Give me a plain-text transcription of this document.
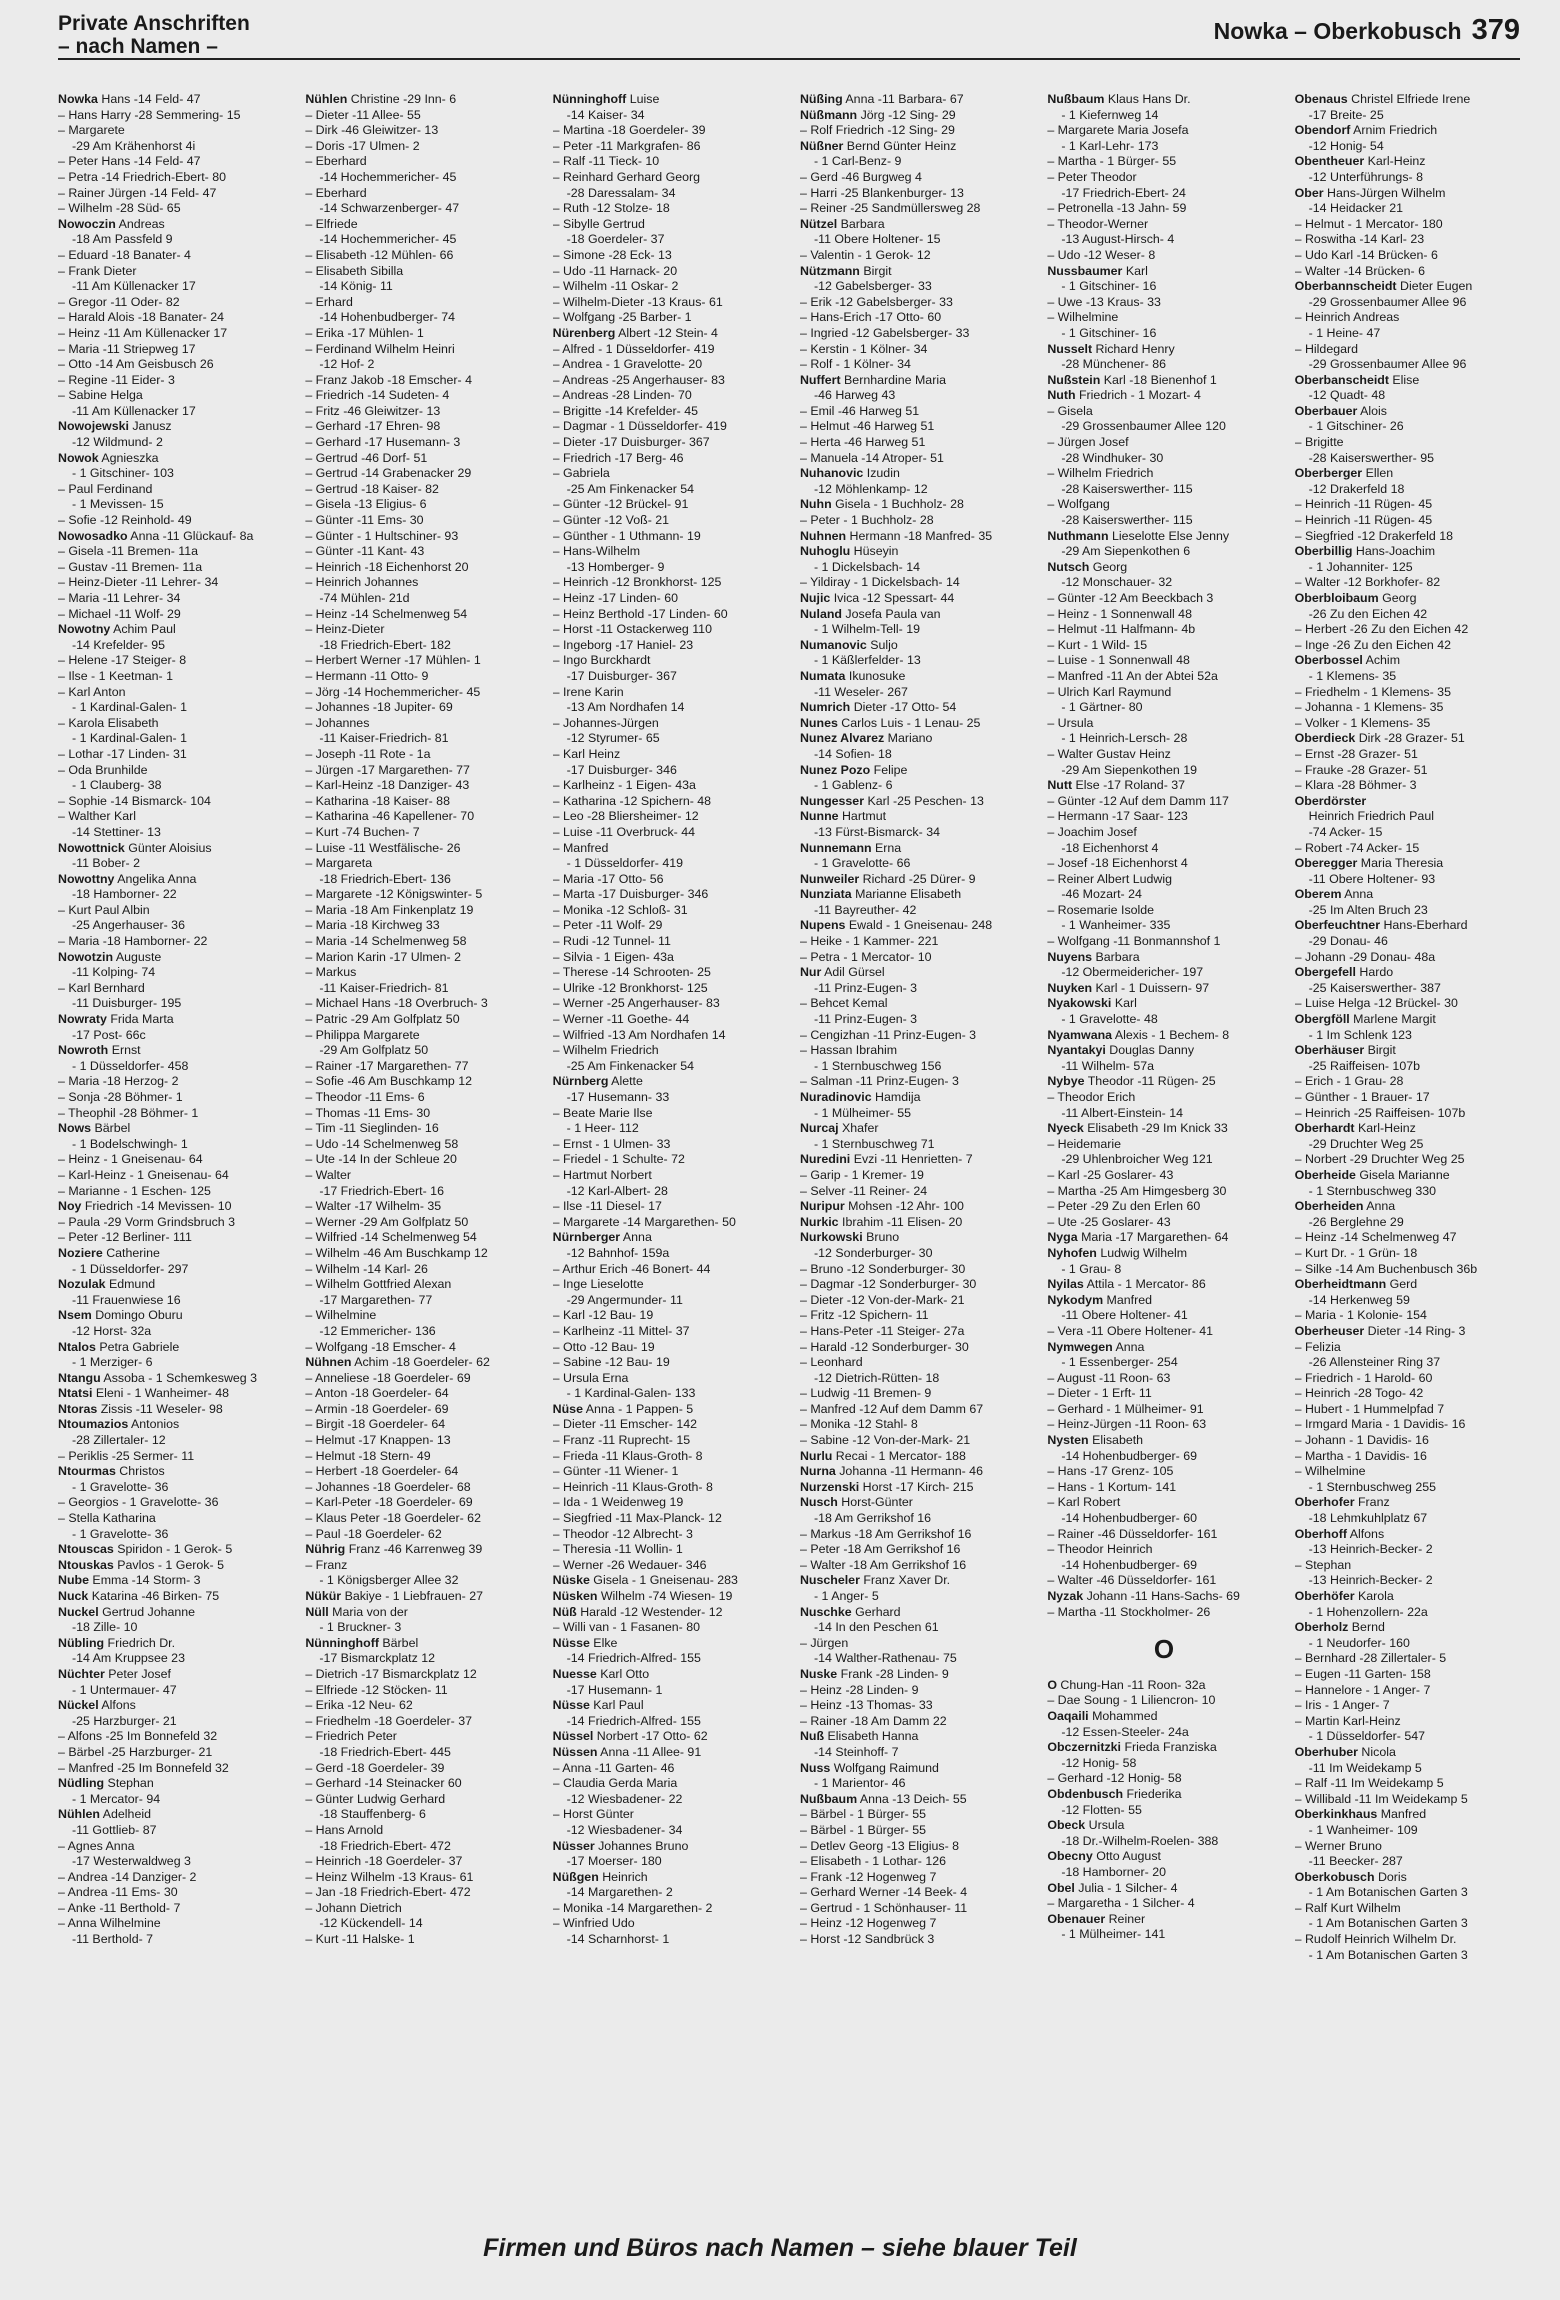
Private Anschriften
– nach Namen –
Nowka – Oberkobusch 379
Nowka Hans -14 Feld- 47
– Hans Harry -28 Semmering- 15
– Margarete
-29 Am Krähenhorst 4i
– Peter Hans -14 Feld- 47
– Petra -14 Friedrich-Ebert- 80
– Rainer Jürgen -14 Feld- 47
– Wilhelm -28 Süd- 65
Nowoczin Andreas
-18 Am Passfeld 9
– Eduard -18 Banater- 4
– Frank Dieter
-11 Am Küllenacker 17
– Gregor -11 Oder- 82
– Harald Alois -18 Banater- 24
– Heinz -11 Am Küllenacker 17
– Maria -11 Striepweg 17
– Otto -14 Am Geisbusch 26
– Regine -11 Eider- 3
– Sabine Helga
-11 Am Küllenacker 17
Nowojewski Janusz
-12 Wildmund- 2
Nowok Agnieszka
- 1 Gitschiner- 103
– Paul Ferdinand
- 1 Mevissen- 15
– Sofie -12 Reinhold- 49
Nowosadko Anna -11 Glückauf- 8a
– Gisela -11 Bremen- 11a
– Gustav -11 Bremen- 11a
– Heinz-Dieter -11 Lehrer- 34
– Maria -11 Lehrer- 34
– Michael -11 Wolf- 29
Nowotny Achim Paul
-14 Krefelder- 95
– Helene -17 Steiger- 8
– Ilse - 1 Keetman- 1
– Karl Anton
- 1 Kardinal-Galen- 1
– Karola Elisabeth
- 1 Kardinal-Galen- 1
– Lothar -17 Linden- 31
– Oda Brunhilde
- 1 Clauberg- 38
– Sophie -14 Bismarck- 104
– Walther Karl
-14 Stettiner- 13
Nowottnick Günter Aloisius
-11 Bober- 2
Nowottny Angelika Anna
-18 Hamborner- 22
– Kurt Paul Albin
-25 Angerhauser- 36
– Maria -18 Hamborner- 22
Nowotzin Auguste
-11 Kolping- 74
– Karl Bernhard
-11 Duisburger- 195
Nowraty Frida Marta
-17 Post- 66c
Nowroth Ernst
- 1 Düsseldorfer- 458
– Maria -18 Herzog- 2
– Sonja -28 Böhmer- 1
– Theophil -28 Böhmer- 1
Nows Bärbel
- 1 Bodelschwingh- 1
– Heinz - 1 Gneisenau- 64
– Karl-Heinz - 1 Gneisenau- 64
– Marianne - 1 Eschen- 125
Noy Friedrich -14 Mevissen- 10
– Paula -29 Vorm Grindsbruch 3
– Peter -12 Berliner- 111
Noziere Catherine
- 1 Düsseldorfer- 297
Nozulak Edmund
-11 Frauenwiese 16
Nsem Domingo Oburu
-12 Horst- 32a
Ntalos Petra Gabriele
- 1 Merziger- 6
Ntangu Assoba - 1 Schemkesweg 3
Ntatsi Eleni - 1 Wanheimer- 48
Ntoras Zissis -11 Weseler- 98
Ntoumazios Antonios
-28 Zillertaler- 12
– Periklis -25 Sermer- 11
Ntourmas Christos
- 1 Gravelotte- 36
– Georgios - 1 Gravelotte- 36
– Stella Katharina
- 1 Gravelotte- 36
Ntouscas Spiridon - 1 Gerok- 5
Ntouskas Pavlos - 1 Gerok- 5
Nube Emma -14 Storm- 3
Nuck Katarina -46 Birken- 75
Nuckel Gertrud Johanne
-18 Zille- 10
Nübling Friedrich Dr.
-14 Am Kruppsee 23
Nüchter Peter Josef
- 1 Untermauer- 47
Nückel Alfons
-25 Harzburger- 21
– Alfons -25 Im Bonnefeld 32
– Bärbel -25 Harzburger- 21
– Manfred -25 Im Bonnefeld 32
Nüdling Stephan
- 1 Mercator- 94
Nühlen Adelheid
-11 Gottlieb- 87
– Agnes Anna
-17 Westerwaldweg 3
– Andrea -14 Danziger- 2
– Andrea -11 Ems- 30
– Anke -11 Berthold- 7
– Anna Wilhelmine
-11 Berthold- 7
Nühlen Christine -29 Inn- 6
– Dieter -11 Allee- 55
– Dirk -46 Gleiwitzer- 13
– Doris -17 Ulmen- 2
– Eberhard
-14 Hochemmericher- 45
– Eberhard
-14 Schwarzenberger- 47
– Elfriede
-14 Hochemmericher- 45
– Elisabeth -12 Mühlen- 66
– Elisabeth Sibilla
-14 König- 11
– Erhard
-14 Hohenbudberger- 74
– Erika -17 Mühlen- 1
– Ferdinand Wilhelm Heinri
-12 Hof- 2
– Franz Jakob -18 Emscher- 4
– Friedrich -14 Sudeten- 4
– Fritz -46 Gleiwitzer- 13
– Gerhard -17 Ehren- 98
– Gerhard -17 Husemann- 3
– Gertrud -46 Dorf- 51
– Gertrud -14 Grabenacker 29
– Gertrud -18 Kaiser- 82
– Gisela -13 Eligius- 6
– Günter -11 Ems- 30
– Günter - 1 Hultschiner- 93
– Günter -11 Kant- 43
– Heinrich -18 Eichenhorst 20
– Heinrich Johannes
-74 Mühlen- 21d
– Heinz -14 Schelmenweg 54
– Heinz-Dieter
-18 Friedrich-Ebert- 182
– Herbert Werner -17 Mühlen- 1
– Hermann -11 Otto- 9
– Jörg -14 Hochemmericher- 45
– Johannes -18 Jupiter- 69
– Johannes
-11 Kaiser-Friedrich- 81
– Joseph -11 Rote - 1a
– Jürgen -17 Margarethen- 77
– Karl-Heinz -18 Danziger- 43
– Katharina -18 Kaiser- 88
– Katharina -46 Kapellener- 70
– Kurt -74 Buchen- 7
– Luise -11 Westfälische- 26
– Margareta
-18 Friedrich-Ebert- 136
– Margarete -12 Königswinter- 5
– Maria -18 Am Finkenplatz 19
– Maria -18 Kirchweg 33
– Maria -14 Schelmenweg 58
– Marion Karin -17 Ulmen- 2
– Markus
-11 Kaiser-Friedrich- 81
– Michael Hans -18 Overbruch- 3
– Patric -29 Am Golfplatz 50
– Philippa Margarete
-29 Am Golfplatz 50
– Rainer -17 Margarethen- 77
– Sofie -46 Am Buschkamp 12
– Theodor -11 Ems- 6
– Thomas -11 Ems- 30
– Tim -11 Sieglinden- 16
– Udo -14 Schelmenweg 58
– Ute -14 In der Schleue 20
– Walter
-17 Friedrich-Ebert- 16
– Walter -17 Wilhelm- 35
– Werner -29 Am Golfplatz 50
– Wilfried -14 Schelmenweg 54
– Wilhelm -46 Am Buschkamp 12
– Wilhelm -14 Karl- 26
– Wilhelm Gottfried Alexan
-17 Margarethen- 77
– Wilhelmine
-12 Emmericher- 136
– Wolfgang -18 Emscher- 4
Nühnen Achim -18 Goerdeler- 62
– Anneliese -18 Goerdeler- 69
– Anton -18 Goerdeler- 64
– Armin -18 Goerdeler- 69
– Birgit -18 Goerdeler- 64
– Helmut -17 Knappen- 13
– Helmut -18 Stern- 49
– Herbert -18 Goerdeler- 64
– Johannes -18 Goerdeler- 68
– Karl-Peter -18 Goerdeler- 69
– Klaus Peter -18 Goerdeler- 62
– Paul -18 Goerdeler- 62
Nührig Franz -46 Karrenweg 39
– Franz
- 1 Königsberger Allee 32
Nükür Bakiye - 1 Liebfrauen- 27
Nüll Maria von der
- 1 Bruckner- 3
Nünninghoff Bärbel
-17 Bismarckplatz 12
– Dietrich -17 Bismarckplatz 12
– Elfriede -12 Stöcken- 11
– Erika -12 Neu- 62
– Friedhelm -18 Goerdeler- 37
– Friedrich Peter
-18 Friedrich-Ebert- 445
– Gerd -18 Goerdeler- 39
– Gerhard -14 Steinacker 60
– Günter Ludwig Gerhard
-18 Stauffenberg- 6
– Hans Arnold
-18 Friedrich-Ebert- 472
– Heinrich -18 Goerdeler- 37
– Heinz Wilhelm -13 Kraus- 61
– Jan -18 Friedrich-Ebert- 472
– Johann Dietrich
-12 Kückendell- 14
– Kurt -11 Halske- 1
Nünninghoff Luise
-14 Kaiser- 34
– Martina -18 Goerdeler- 39
– Peter -11 Markgrafen- 86
– Ralf -11 Tieck- 10
– Reinhard Gerhard Georg
-28 Daressalam- 34
– Ruth -12 Stolze- 18
– Sibylle Gertrud
-18 Goerdeler- 37
– Simone -28 Eck- 13
– Udo -11 Harnack- 20
– Wilhelm -11 Oskar- 2
– Wilhelm-Dieter -13 Kraus- 61
– Wolfgang -25 Barber- 1
Nürenberg Albert -12 Stein- 4
– Alfred - 1 Düsseldorfer- 419
– Andrea - 1 Gravelotte- 20
– Andreas -25 Angerhauser- 83
– Andreas -28 Linden- 70
– Brigitte -14 Krefelder- 45
– Dagmar - 1 Düsseldorfer- 419
– Dieter -17 Duisburger- 367
– Friedrich -17 Berg- 46
– Gabriela
-25 Am Finkenacker 54
– Günter -12 Brückel- 91
– Günter -12 Voß- 21
– Günther - 1 Uthmann- 19
– Hans-Wilhelm
-13 Homberger- 9
– Heinrich -12 Bronkhorst- 125
– Heinz -17 Linden- 60
– Heinz Berthold -17 Linden- 60
– Horst -11 Ostackerweg 110
– Ingeborg -17 Haniel- 23
– Ingo Burckhardt
-17 Duisburger- 367
– Irene Karin
-13 Am Nordhafen 14
– Johannes-Jürgen
-12 Styrumer- 65
– Karl Heinz
-17 Duisburger- 346
– Karlheinz - 1 Eigen- 43a
– Katharina -12 Spichern- 48
– Leo -28 Bliersheimer- 12
– Luise -11 Overbruck- 44
– Manfred
- 1 Düsseldorfer- 419
– Maria -17 Otto- 56
– Marta -17 Duisburger- 346
– Monika -12 Schloß- 31
– Peter -11 Wolf- 29
– Rudi -12 Tunnel- 11
– Silvia - 1 Eigen- 43a
– Therese -14 Schrooten- 25
– Ulrike -12 Bronkhorst- 125
– Werner -25 Angerhauser- 83
– Werner -11 Goethe- 44
– Wilfried -13 Am Nordhafen 14
– Wilhelm Friedrich
-25 Am Finkenacker 54
Nürnberg Alette
-17 Husemann- 33
– Beate Marie Ilse
- 1 Heer- 112
– Ernst - 1 Ulmen- 33
– Friedel - 1 Schulte- 72
– Hartmut Norbert
-12 Karl-Albert- 28
– Ilse -11 Diesel- 17
– Margarete -14 Margarethen- 50
Nürnberger Anna
-12 Bahnhof- 159a
– Arthur Erich -46 Bonert- 44
– Inge Lieselotte
-29 Angermunder- 11
– Karl -12 Bau- 19
– Karlheinz -11 Mittel- 37
– Otto -12 Bau- 19
– Sabine -12 Bau- 19
– Ursula Erna
- 1 Kardinal-Galen- 133
Nüse Anna - 1 Pappen- 5
– Dieter -11 Emscher- 142
– Franz -11 Ruprecht- 15
– Frieda -11 Klaus-Groth- 8
– Günter -11 Wiener- 1
– Heinrich -11 Klaus-Groth- 8
– Ida - 1 Weidenweg 19
– Siegfried -11 Max-Planck- 12
– Theodor -12 Albrecht- 3
– Theresia -11 Wollin- 1
– Werner -26 Wedauer- 346
Nüske Gisela - 1 Gneisenau- 283
Nüsken Wilhelm -74 Wiesen- 19
Nüß Harald -12 Westender- 12
– Willi van - 1 Fasanen- 80
Nüsse Elke
-14 Friedrich-Alfred- 155
Nuesse Karl Otto
-17 Husemann- 1
Nüsse Karl Paul
-14 Friedrich-Alfred- 155
Nüssel Norbert -17 Otto- 62
Nüssen Anna -11 Allee- 91
– Anna -11 Garten- 46
– Claudia Gerda Maria
-12 Wiesbadener- 22
– Horst Günter
-12 Wiesbadener- 34
Nüsser Johannes Bruno
-17 Moerser- 180
Nüßgen Heinrich
-14 Margarethen- 2
– Monika -14 Margarethen- 2
– Winfried Udo
-14 Scharnhorst- 1
Nüßing Anna -11 Barbara- 67
Nüßmann Jörg -12 Sing- 29
– Rolf Friedrich -12 Sing- 29
Nüßner Bernd Günter Heinz
- 1 Carl-Benz- 9
– Gerd -46 Burgweg 4
– Harri -25 Blankenburger- 13
– Reiner -25 Sandmüllersweg 28
Nützel Barbara
-11 Obere Holtener- 15
– Valentin - 1 Gerok- 12
Nützmann Birgit
-12 Gabelsberger- 33
– Erik -12 Gabelsberger- 33
– Hans-Erich -17 Otto- 60
– Ingried -12 Gabelsberger- 33
– Kerstin - 1 Kölner- 34
– Rolf - 1 Kölner- 34
Nuffert Bernhardine Maria
-46 Harweg 43
– Emil -46 Harweg 51
– Helmut -46 Harweg 51
– Herta -46 Harweg 51
– Manuela -14 Atroper- 51
Nuhanovic Izudin
-12 Möhlenkamp- 12
Nuhn Gisela - 1 Buchholz- 28
– Peter - 1 Buchholz- 28
Nuhnen Hermann -18 Manfred- 35
Nuhoglu Hüseyin
- 1 Dickelsbach- 14
– Yildiray - 1 Dickelsbach- 14
Nujic Ivica -12 Spessart- 44
Nuland Josefa Paula van
- 1 Wilhelm-Tell- 19
Numanovic Suljo
- 1 Käßlerfelder- 13
Numata Ikunosuke
-11 Weseler- 267
Numrich Dieter -17 Otto- 54
Nunes Carlos Luis - 1 Lenau- 25
Nunez Alvarez Mariano
-14 Sofien- 18
Nunez Pozo Felipe
- 1 Gablenz- 6
Nungesser Karl -25 Peschen- 13
Nunne Hartmut
-13 Fürst-Bismarck- 34
Nunnemann Erna
- 1 Gravelotte- 66
Nunweiler Richard -25 Dürer- 9
Nunziata Marianne Elisabeth
-11 Bayreuther- 42
Nupens Ewald - 1 Gneisenau- 248
– Heike - 1 Kammer- 221
– Petra - 1 Mercator- 10
Nur Adil Gürsel
-11 Prinz-Eugen- 3
– Behcet Kemal
-11 Prinz-Eugen- 3
– Cengizhan -11 Prinz-Eugen- 3
– Hassan Ibrahim
- 1 Sternbuschweg 156
– Salman -11 Prinz-Eugen- 3
Nuradinovic Hamdija
- 1 Mülheimer- 55
Nurcaj Xhafer
- 1 Sternbuschweg 71
Nuredini Evzi -11 Henrietten- 7
– Garip - 1 Kremer- 19
– Selver -11 Reiner- 24
Nuripur Mohsen -12 Ahr- 100
Nurkic Ibrahim -11 Elisen- 20
Nurkowski Bruno
-12 Sonderburger- 30
– Bruno -12 Sonderburger- 30
– Dagmar -12 Sonderburger- 30
– Dieter -12 Von-der-Mark- 21
– Fritz -12 Spichern- 11
– Hans-Peter -11 Steiger- 27a
– Harald -12 Sonderburger- 30
– Leonhard
-12 Dietrich-Rütten- 18
– Ludwig -11 Bremen- 9
– Manfred -12 Auf dem Damm 67
– Monika -12 Stahl- 8
– Sabine -12 Von-der-Mark- 21
Nurlu Recai - 1 Mercator- 188
Nurna Johanna -11 Hermann- 46
Nurzenski Horst -17 Kirch- 215
Nusch Horst-Günter
-18 Am Gerrikshof 16
– Markus -18 Am Gerrikshof 16
– Peter -18 Am Gerrikshof 16
– Walter -18 Am Gerrikshof 16
Nuscheler Franz Xaver Dr.
- 1 Anger- 5
Nuschke Gerhard
-14 In den Peschen 61
– Jürgen
-14 Walther-Rathenau- 75
Nuske Frank -28 Linden- 9
– Heinz -28 Linden- 9
– Heinz -13 Thomas- 33
– Rainer -18 Am Damm 22
Nuß Elisabeth Hanna
-14 Steinhoff- 7
Nuss Wolfgang Raimund
- 1 Marientor- 46
Nußbaum Anna -13 Deich- 55
– Bärbel - 1 Bürger- 55
– Bärbel - 1 Bürger- 55
– Detlev Georg -13 Eligius- 8
– Elisabeth - 1 Lothar- 126
– Frank -12 Hogenweg 7
– Gerhard Werner -14 Beek- 4
– Gertrud - 1 Schönhauser- 11
– Heinz -12 Hogenweg 7
– Horst -12 Sandbrück 3
Nußbaum Klaus Hans Dr.
- 1 Kiefernweg 14
– Margarete Maria Josefa
- 1 Karl-Lehr- 173
– Martha - 1 Bürger- 55
– Peter Theodor
-17 Friedrich-Ebert- 24
– Petronella -13 Jahn- 59
– Theodor-Werner
-13 August-Hirsch- 4
– Udo -12 Weser- 8
Nussbaumer Karl
- 1 Gitschiner- 16
– Uwe -13 Kraus- 33
– Wilhelmine
- 1 Gitschiner- 16
Nusselt Richard Henry
-28 Münchener- 86
Nußstein Karl -18 Bienenhof 1
Nuth Friedrich - 1 Mozart- 4
– Gisela
-29 Grossenbaumer Allee 120
– Jürgen Josef
-28 Windhuker- 30
– Wilhelm Friedrich
-28 Kaiserswerther- 115
– Wolfgang
-28 Kaiserswerther- 115
Nuthmann Lieselotte Else Jenny
-29 Am Siepenkothen 6
Nutsch Georg
-12 Monschauer- 32
– Günter -12 Am Beeckbach 3
– Heinz - 1 Sonnenwall 48
– Helmut -11 Halfmann- 4b
– Kurt - 1 Wild- 15
– Luise - 1 Sonnenwall 48
– Manfred -11 An der Abtei 52a
– Ulrich Karl Raymund
- 1 Gärtner- 80
– Ursula
- 1 Heinrich-Lersch- 28
– Walter Gustav Heinz
-29 Am Siepenkothen 19
Nutt Else -17 Roland- 37
– Günter -12 Auf dem Damm 117
– Hermann -17 Saar- 123
– Joachim Josef
-18 Eichenhorst 4
– Josef -18 Eichenhorst 4
– Reiner Albert Ludwig
-46 Mozart- 24
– Rosemarie Isolde
- 1 Wanheimer- 335
– Wolfgang -11 Bonmannshof 1
Nuyens Barbara
-12 Obermeidericher- 197
Nuyken Karl - 1 Duissern- 97
Nyakowski Karl
- 1 Gravelotte- 48
Nyamwana Alexis - 1 Bechem- 8
Nyantakyi Douglas Danny
-11 Wilhelm- 57a
Nybye Theodor -11 Rügen- 25
– Theodor Erich
-11 Albert-Einstein- 14
Nyeck Elisabeth -29 Im Knick 33
– Heidemarie
-29 Uhlenbroicher Weg 121
– Karl -25 Goslarer- 43
– Martha -25 Am Himgesberg 30
– Peter -29 Zu den Erlen 60
– Ute -25 Goslarer- 43
Nyga Maria -17 Margarethen- 64
Nyhofen Ludwig Wilhelm
- 1 Grau- 8
Nyilas Attila - 1 Mercator- 86
Nykodym Manfred
-11 Obere Holtener- 41
– Vera -11 Obere Holtener- 41
Nymwegen Anna
- 1 Essenberger- 254
– August -11 Roon- 63
– Dieter - 1 Erft- 11
– Gerhard - 1 Mülheimer- 91
– Heinz-Jürgen -11 Roon- 63
Nysten Elisabeth
-14 Hohenbudberger- 69
– Hans -17 Grenz- 105
– Hans - 1 Kortum- 141
– Karl Robert
-14 Hohenbudberger- 60
– Rainer -46 Düsseldorfer- 161
– Theodor Heinrich
-14 Hohenbudberger- 69
– Walter -46 Düsseldorfer- 161
Nyzak Johann -11 Hans-Sachs- 69
– Martha -11 Stockholmer- 26
O
O Chung-Han -11 Roon- 32a
– Dae Soung - 1 Liliencron- 10
Oaqaili Mohammed
-12 Essen-Steeler- 24a
Obczernitzki Frieda Franziska
-12 Honig- 58
– Gerhard -12 Honig- 58
Obdenbusch Friederika
-12 Flotten- 55
Obeck Ursula
-18 Dr.-Wilhelm-Roelen- 388
Obecny Otto August
-18 Hamborner- 20
Obel Julia - 1 Silcher- 4
– Margaretha - 1 Silcher- 4
Obenauer Reiner
- 1 Mülheimer- 141
Obenaus Christel Elfriede Irene
-17 Breite- 25
Obendorf Arnim Friedrich
-12 Honig- 54
Obentheuer Karl-Heinz
-12 Unterführungs- 8
Ober Hans-Jürgen Wilhelm
-14 Heidacker 21
– Helmut - 1 Mercator- 180
– Roswitha -14 Karl- 23
– Udo Karl -14 Brücken- 6
– Walter -14 Brücken- 6
Oberbannscheidt Dieter Eugen
-29 Grossenbaumer Allee 96
– Heinrich Andreas
- 1 Heine- 47
– Hildegard
-29 Grossenbaumer Allee 96
Oberbanscheidt Elise
-12 Quadt- 48
Oberbauer Alois
- 1 Gitschiner- 26
– Brigitte
-28 Kaiserswerther- 95
Oberberger Ellen
-12 Drakerfeld 18
– Heinrich -11 Rügen- 45
– Heinrich -11 Rügen- 45
– Siegfried -12 Drakerfeld 18
Oberbillig Hans-Joachim
- 1 Johanniter- 125
– Walter -12 Borkhofer- 82
Oberbloibaum Georg
-26 Zu den Eichen 42
– Herbert -26 Zu den Eichen 42
– Inge -26 Zu den Eichen 42
Oberbossel Achim
- 1 Klemens- 35
– Friedhelm - 1 Klemens- 35
– Johanna - 1 Klemens- 35
– Volker - 1 Klemens- 35
Oberdieck Dirk -28 Grazer- 51
– Ernst -28 Grazer- 51
– Frauke -28 Grazer- 51
– Klara -28 Böhmer- 3
Oberdörster
Heinrich Friedrich Paul
-74 Acker- 15
– Robert -74 Acker- 15
Oberegger Maria Theresia
-11 Obere Holtener- 93
Oberem Anna
-25 Im Alten Bruch 23
Oberfeuchtner Hans-Eberhard
-29 Donau- 46
– Johann -29 Donau- 48a
Obergefell Hardo
-25 Kaiserswerther- 387
– Luise Helga -12 Brückel- 30
Obergföll Marlene Margit
- 1 Im Schlenk 123
Oberhäuser Birgit
-25 Raiffeisen- 107b
– Erich - 1 Grau- 28
– Günther - 1 Brauer- 17
– Heinrich -25 Raiffeisen- 107b
Oberhardt Karl-Heinz
-29 Druchter Weg 25
– Norbert -29 Druchter Weg 25
Oberheide Gisela Marianne
- 1 Sternbuschweg 330
Oberheiden Anna
-26 Berglehne 29
– Heinz -14 Schelmenweg 47
– Kurt Dr. - 1 Grün- 18
– Silke -14 Am Buchenbusch 36b
Oberheidtmann Gerd
-14 Herkenweg 59
– Maria - 1 Kolonie- 154
Oberheuser Dieter -14 Ring- 3
– Felizia
-26 Allensteiner Ring 37
– Friedrich - 1 Harold- 60
– Heinrich -28 Togo- 42
– Hubert - 1 Hummelpfad 7
– Irmgard Maria - 1 Davidis- 16
– Johann - 1 Davidis- 16
– Martha - 1 Davidis- 16
– Wilhelmine
- 1 Sternbuschweg 255
Oberhofer Franz
-18 Lehmkuhlplatz 67
Oberhoff Alfons
-13 Heinrich-Becker- 2
– Stephan
-13 Heinrich-Becker- 2
Oberhöfer Karola
- 1 Hohenzollern- 22a
Oberholz Bernd
- 1 Neudorfer- 160
– Bernhard -28 Zillertaler- 5
– Eugen -11 Garten- 158
– Hannelore - 1 Anger- 7
– Iris - 1 Anger- 7
– Martin Karl-Heinz
- 1 Düsseldorfer- 547
Oberhuber Nicola
-11 Im Weidekamp 5
– Ralf -11 Im Weidekamp 5
– Willibald -11 Im Weidekamp 5
Oberkinkhaus Manfred
- 1 Wanheimer- 109
– Werner Bruno
-11 Beecker- 287
Oberkobusch Doris
- 1 Am Botanischen Garten 3
– Ralf Kurt Wilhelm
- 1 Am Botanischen Garten 3
– Rudolf Heinrich Wilhelm Dr.
- 1 Am Botanischen Garten 3
Firmen und Büros nach Namen – siehe blauer Teil
